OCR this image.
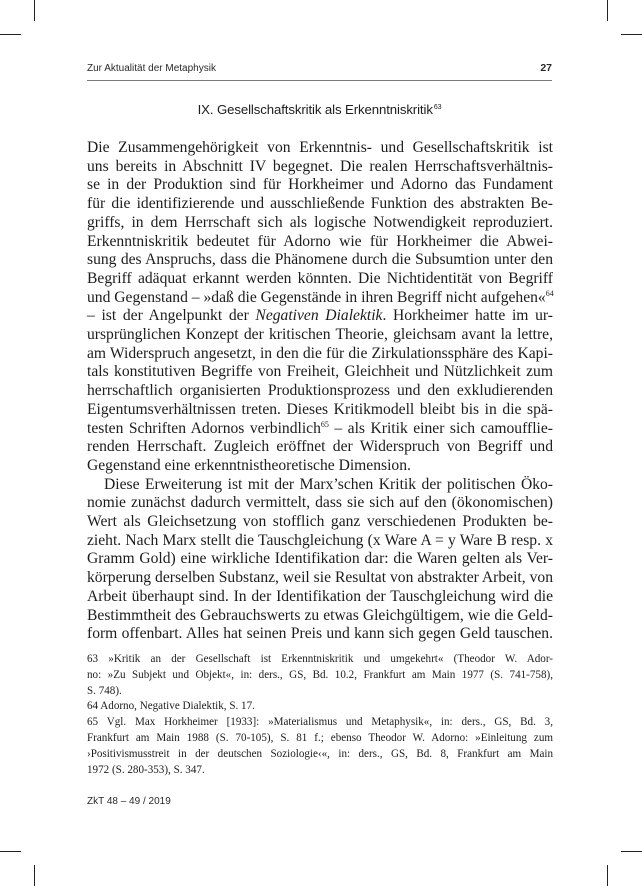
Zur Aktualität der Metaphysik	27
IX. Gesellschaftskritik als Erkenntniskritik$^{63}$
Die Zusammengehörigkeit von Erkenntnis- und Gesellschaftskritik ist
uns bereits in Abschnitt IV begegnet. Die realen Herrschaftsverhältnis-
se in der Produktion sind für Horkheimer und Adorno das Fundament
für die identifizierende und ausschließende Funktion des abstrakten Be-
griffs, in dem Herrschaft sich als logische Notwendigkeit reproduziert.
Erkenntniskritik bedeutet für Adorno wie für Horkheimer die Abwei-
sung des Anspruchs, dass die Phänomene durch die Subsumtion unter den
Begriff adäquat erkannt werden könnten. Die Nichtidentität von Begriff
und Gegenstand – »daß die Gegenstände in ihren Begriff nicht aufgehen«$^{64}$
– ist der Angelpunkt der Negativen Dialektik. Horkheimer hatte im ur-
ursprünglichen Konzept der kritischen Theorie, gleichsam avant la lettre,
am Widerspruch angesetzt, in den die für die Zirkulationssphäre des Kapi-
tals konstitutiven Begriffe von Freiheit, Gleichheit und Nützlichkeit zum
herrschaftlich organisierten Produktionsprozess und den exkludierenden
Eigentumsverhältnissen treten. Dieses Kritikmodell bleibt bis in die spä-
testen Schriften Adornos verbindlich$^{65}$ – als Kritik einer sich camoufflie-
renden Herrschaft. Zugleich eröffnet der Widerspruch von Begriff und
Gegenstand eine erkenntnistheoretische Dimension.
Diese Erweiterung ist mit der Marx’schen Kritik der politischen Öko-
nomie zunächst dadurch vermittelt, dass sie sich auf den (ökonomischen)
Wert als Gleichsetzung von stofflich ganz verschiedenen Produkten be-
zieht. Nach Marx stellt die Tauschgleichung (x Ware A = y Ware B resp. x
Gramm Gold) eine wirkliche Identifikation dar: die Waren gelten als Ver-
körperung derselben Substanz, weil sie Resultat von abstrakter Arbeit, von
Arbeit überhaupt sind. In der Identifikation der Tauschgleichung wird die
Bestimmtheit des Gebrauchswerts zu etwas Gleichgültigem, wie die Geld-
form offenbart. Alles hat seinen Preis und kann sich gegen Geld tauschen.
63 »Kritik an der Gesellschaft ist Erkenntniskritik und umgekehrt« (Theodor W. Ador-
no: »Zu Subjekt und Objekt«, in: ders., GS, Bd. 10.2, Frankfurt am Main 1977 (S. 741-758),
S. 748).
64 Adorno, Negative Dialektik, S. 17.
65 Vgl. Max Horkheimer [1933]: »Materialismus und Metaphysik«, in: ders., GS, Bd. 3,
Frankfurt am Main 1988 (S. 70-105), S. 81 f.; ebenso Theodor W. Adorno: »Einleitung zum
›Positivismusstreit in der deutschen Soziologie‹«, in: ders., GS, Bd. 8, Frankfurt am Main
1972 (S. 280-353), S. 347.
ZkT 48 – 49 / 2019
